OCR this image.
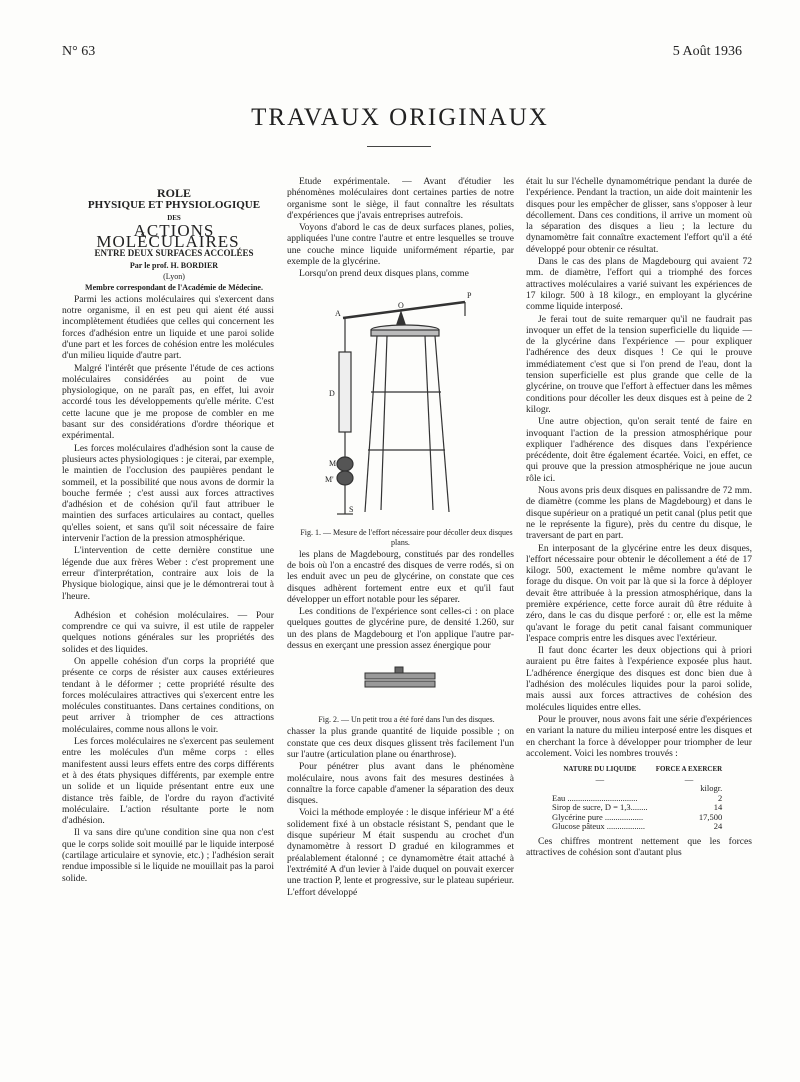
N° 63	5 Août 1936
TRAVAUX ORIGINAUX

ROLE

PHYSIQUE ET PHYSIOLOGIQUE

DES

ACTIONS MOLÉCULAIRES

ENTRE DEUX SURFACES ACCOLÉES

Par le prof. H. BORDIER

(Lyon)

Membre correspondant de l'Académie de Médecine.

Parmi les actions moléculaires qui s'exercent dans notre organisme, il en est peu qui aient été aussi incomplètement étudiées que celles qui concernent les forces d'adhésion entre un liquide et une paroi solide d'une part et les forces de cohésion entre les molécules d'un milieu liquide d'autre part.

Malgré l'intérêt que présente l'étude de ces actions moléculaires considérées au point de vue physiologique, on ne paraît pas, en effet, lui avoir accordé tous les développements qu'elle mérite. C'est cette lacune que je me propose de combler en me basant sur des considérations d'ordre théorique et expérimental.

Les forces moléculaires d'adhésion sont la cause de plusieurs actes physiologiques : je citerai, par exemple, le maintien de l'occlusion des paupières pendant le sommeil, et la possibilité que nous avons de dormir la bouche fermée ; c'est aussi aux forces attractives d'adhésion et de cohésion qu'il faut attribuer le maintien des surfaces articulaires au contact, quelles qu'elles soient, et sans qu'il soit nécessaire de faire intervenir l'action de la pression atmosphérique.

L'intervention de cette dernière constitue une légende due aux frères Weber : c'est proprement une erreur d'interprétation, contraire aux lois de la Physique biologique, ainsi que je le démontrerai tout à l'heure.

Adhésion et cohésion moléculaires. — Pour comprendre ce qui va suivre, il est utile de rappeler quelques notions générales sur les propriétés des solides et des liquides.

On appelle cohésion d'un corps la propriété que présente ce corps de résister aux causes extérieures tendant à le déformer ; cette propriété résulte des forces moléculaires attractives qui s'exercent entre les molécules constituantes. Dans certaines conditions, on peut arriver à triompher de ces attractions moléculaires, comme nous allons le voir.

Les forces moléculaires ne s'exercent pas seulement entre les molécules d'un même corps : elles manifestent aussi leurs effets entre des corps différents et à des états physiques différents, par exemple entre un solide et un liquide présentant entre eux une distance très faible, de l'ordre du rayon d'activité moléculaire. L'action résultante porte le nom d'adhésion.

Il va sans dire qu'une condition sine qua non c'est que le corps solide soit mouillé par le liquide interposé (cartilage articulaire et synovie, etc.) ; l'adhésion serait rendue impossible si le liquide ne mouillait pas la paroi solide.

Etude expérimentale. — Avant d'étudier les phénomènes moléculaires dont certaines parties de notre organisme sont le siège, il faut connaître les résultats d'expériences que j'avais entreprises autrefois.

Voyons d'abord le cas de deux surfaces planes, polies, appliquées l'une contre l'autre et entre lesquelles se trouve une couche mince liquide uniformément répartie, par exemple de la glycérine.

Lorsqu'on prend deux disques plans, comme

A
O
P
D
M
M'
S

Fig. 1. — Mesure de l'effort nécessaire pour décoller deux disques plans.

les plans de Magdebourg, constitués par des rondelles de bois où l'on a encastré des disques de verre rodés, si on les enduit avec un peu de glycérine, on constate que ces disques adhèrent fortement entre eux et qu'il faut développer un effort notable pour les séparer.

Les conditions de l'expérience sont celles-ci : on place quelques gouttes de glycérine pure, de densité 1.260, sur un des plans de Magdebourg et l'on applique l'autre par-dessus en exerçant une pression assez énergique pour

Fig. 2. — Un petit trou a été foré dans l'un des disques.

chasser la plus grande quantité de liquide possible ; on constate que ces deux disques glissent très facilement l'un sur l'autre (articulation plane ou énarthrose).

Pour pénétrer plus avant dans le phénomène moléculaire, nous avons fait des mesures destinées à connaître la force capable d'amener la séparation des deux disques.

Voici la méthode employée : le disque inférieur M' a été solidement fixé à un obstacle résistant S, pendant que le disque supérieur M était suspendu au crochet d'un dynamomètre à ressort D gradué en kilogrammes et préalablement étalonné ; ce dynamomètre était attaché à l'extrémité A d'un levier à l'aide duquel on pouvait exercer une traction P, lente et progressive, sur le plateau supérieur. L'effort développé

était lu sur l'échelle dynamométrique pendant la durée de l'expérience. Pendant la traction, un aide doit maintenir les disques pour les empêcher de glisser, sans s'opposer à leur décollement. Dans ces conditions, il arrive un moment où la séparation des disques a lieu ; la lecture du dynamomètre fait connaître exactement l'effort qu'il a été développé pour obtenir ce résultat.

Dans le cas des plans de Magdebourg qui avaient 72 mm. de diamètre, l'effort qui a triomphé des forces attractives moléculaires a varié suivant les expériences de 17 kilogr. 500 à 18 kilogr., en employant la glycérine comme liquide interposé.

Je ferai tout de suite remarquer qu'il ne faudrait pas invoquer un effet de la tension superficielle du liquide — de la glycérine dans l'expérience — pour expliquer l'adhérence des deux disques ! Ce qui le prouve immédiatement c'est que si l'on prend de l'eau, dont la tension superficielle est plus grande que celle de la glycérine, on trouve que l'effort à effectuer dans les mêmes conditions pour décoller les deux disques est à peine de 2 kilogr.

Une autre objection, qu'on serait tenté de faire en invoquant l'action de la pression atmosphérique pour expliquer l'adhérence des disques dans l'expérience précédente, doit être également écartée. Voici, en effet, ce qui prouve que la pression atmosphérique ne joue aucun rôle ici.

Nous avons pris deux disques en palissandre de 72 mm. de diamètre (comme les plans de Magdebourg) et dans le disque supérieur on a pratiqué un petit canal (plus petit que ne le représente la figure), près du centre du disque, le traversant de part en part.

En interposant de la glycérine entre les deux disques, l'effort nécessaire pour obtenir le décollement a été de 17 kilogr. 500, exactement le même nombre qu'avant le forage du disque. On voit par là que si la force à déployer devait être attribuée à la pression atmosphérique, dans la première expérience, cette force aurait dû être réduite à zéro, dans le cas du disque perforé : or, elle est la même qu'avant le forage du petit canal faisant communiquer l'espace compris entre les disques avec l'extérieur.

Il faut donc écarter les deux objections qui à priori auraient pu être faites à l'expérience exposée plus haut. L'adhérence énergique des disques est donc bien due à l'adhésion des molécules liquides pour la paroi solide, mais aussi aux forces attractives de cohésion des molécules liquides entre elles.

Pour le prouver, nous avons fait une série d'expériences en variant la nature du milieu interposé entre les disques et en cherchant la force à développer pour triompher de leur accolement. Voici les nombres trouvés :

NATURE DU LIQUIDE	FORCE A EXERCER
—	—
	kilogr.
Eau .................................	2
Sirop de sucre, D = 1,3........	14
Glycérine pure ..................	17,500
Glucose pâteux ..................	24

Ces chiffres montrent nettement que les forces attractives de cohésion sont d'autant plus
